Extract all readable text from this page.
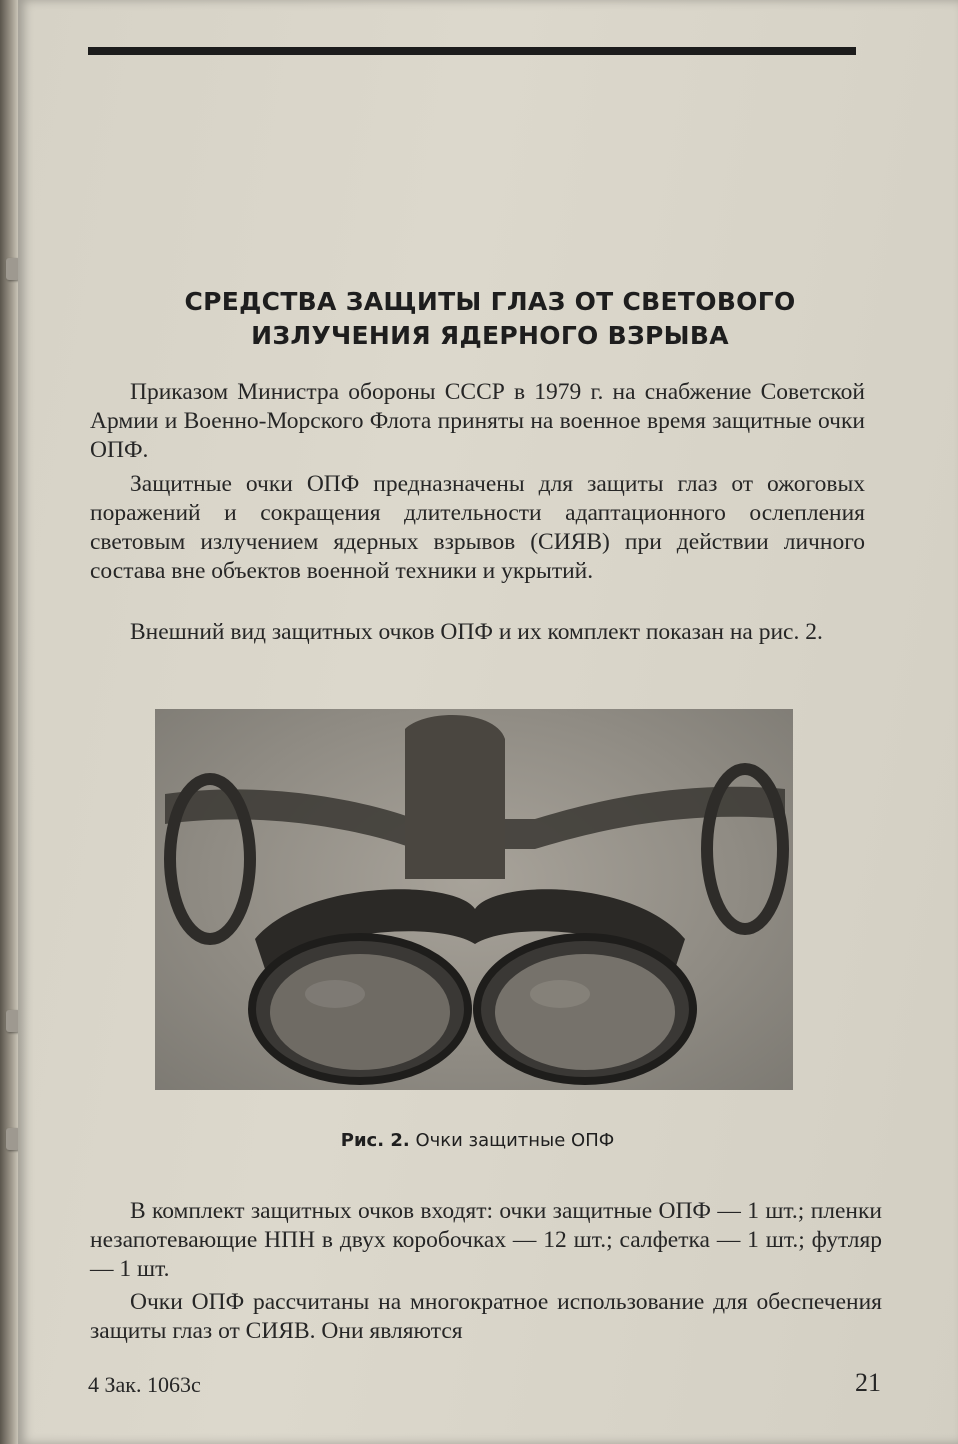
СРЕДСТВА ЗАЩИТЫ ГЛАЗ ОТ СВЕТОВОГО
ИЗЛУЧЕНИЯ ЯДЕРНОГО ВЗРЫВА

Приказом Министра обороны СССР в 1979 г. на снабжение Советской Армии и Военно-Морского Флота приняты на военное время защитные очки ОПФ.

Защитные очки ОПФ предназначены для защиты глаз от ожоговых поражений и сокращения длительности адаптационного ослепления световым излучением ядерных взрывов (СИЯВ) при действии личного состава вне объектов военной техники и укрытий.

Внешний вид защитных очков ОПФ и их комплект показан на рис. 2.

Рис. 2. Очки защитные ОПФ

В комплект защитных очков входят: очки защитные ОПФ — 1 шт.; пленки незапотевающие НПН в двух коробочках — 12 шт.; салфетка — 1 шт.; футляр — 1 шт.

Очки ОПФ рассчитаны на многократное использование для обеспечения защиты глаз от СИЯВ. Они являются

4 Зак. 1063с	21
